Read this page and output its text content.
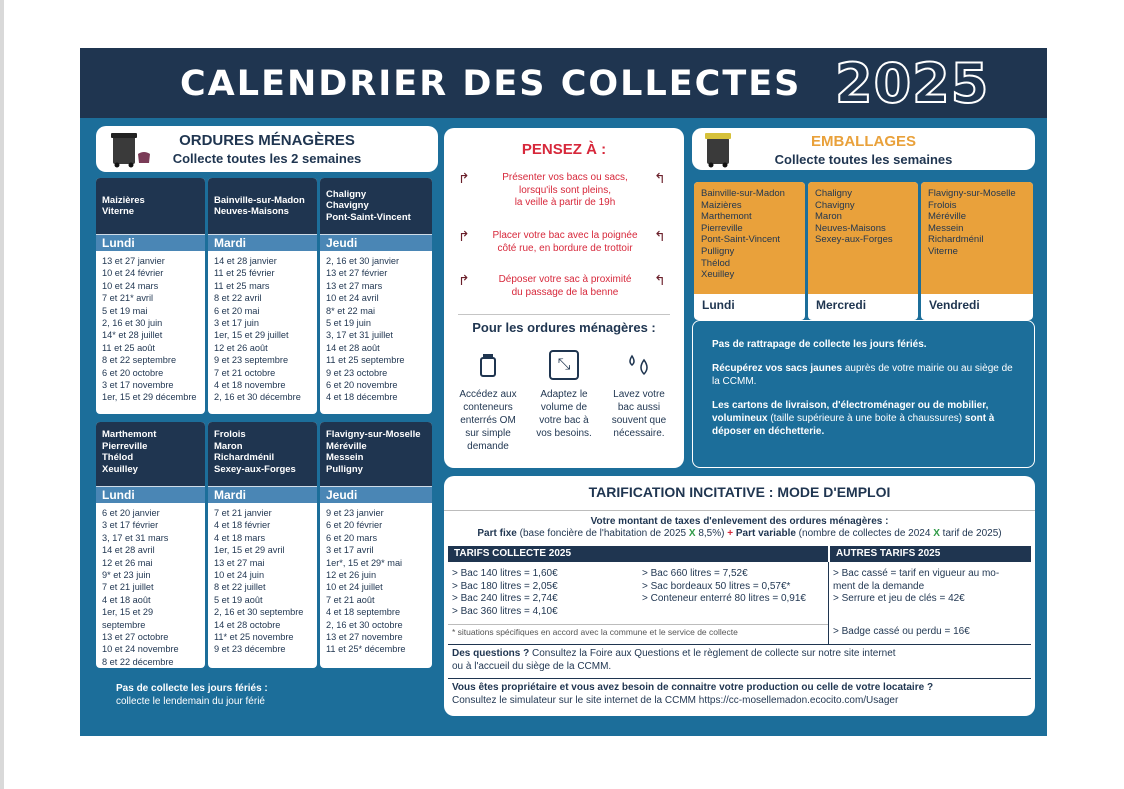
CALENDRIER DES COLLECTES 2025
ORDURES MÉNAGÈRES
Collecte toutes les 2 semaines
Maizières
Viterne
Lundi
13 et 27 janvier
10 et 24 février
10 et 24 mars
7 et 21* avril
5 et 19 mai
2, 16 et 30 juin
14* et 28 juillet
11 et 25 août
8 et 22 septembre
6 et 20 octobre
3 et 17 novembre
1er, 15 et 29 décembre
Bainville-sur-Madon
Neuves-Maisons
Mardi
14 et 28 janvier
11 et 25 février
11 et 25 mars
8 et 22 avril
6 et 20 mai
3 et 17 juin
1er, 15 et 29 juillet
12 et 26 août
9 et 23 septembre
7 et 21 octobre
4 et 18 novembre
2, 16 et 30 décembre
Chaligny
Chavigny
Pont-Saint-Vincent
Jeudi
2, 16 et 30 janvier
13 et 27 février
13 et 27 mars
10 et 24 avril
8* et 22 mai
5 et 19 juin
3, 17 et 31 juillet
14 et 28 août
11 et 25 septembre
9 et 23 octobre
6 et 20 novembre
4 et 18 décembre
Marthemont
Pierreville
Thélod
Xeuilley
Lundi
6 et 20 janvier
3 et 17 février
3, 17 et 31 mars
14 et 28 avril
12 et 26 mai
9* et 23 juin
7 et 21 juillet
4 et 18 août
1er, 15 et 29 septembre
13 et 27 octobre
10 et 24 novembre
8 et 22 décembre
Frolois
Maron
Richardménil
Sexey-aux-Forges
Mardi
7 et 21 janvier
4 et 18 février
4 et 18 mars
1er, 15 et 29 avril
13 et 27 mai
10 et 24 juin
8 et 22 juillet
5 et 19 août
2, 16 et 30 septembre
14 et 28 octobre
11* et 25 novembre
9 et 23 décembre
Flavigny-sur-Moselle
Méréville
Messein
Pulligny
Jeudi
9 et 23 janvier
6 et 20 février
6 et 20 mars
3 et 17 avril
1er*, 15 et 29* mai
12 et 26 juin
10 et 24 juillet
7 et 21 août
4 et 18 septembre
2, 16 et 30 octobre
13 et 27 novembre
11 et 25* décembre
Pas de collecte les jours fériés :
collecte le lendemain du jour férié
PENSEZ À :
↱	↰
Présenter vos bacs ou sacs,
lorsqu'ils sont pleins,
la veille à partir de 19h
↱	↰
Placer votre bac avec la poignée
côté rue, en bordure de trottoir
↱	↰
Déposer votre sac à proximité
du passage de la benne
Pour les ordures ménagères :
⤡
Accédez aux
conteneurs
enterrés OM
sur simple
demande
Adaptez le
volume de
votre bac à
vos besoins.
Lavez votre
bac aussi
souvent que
nécessaire.
EMBALLAGES
Collecte toutes les semaines
Bainville-sur-Madon
Maizières
Marthemont
Pierreville
Pont-Saint-Vincent
Pulligny
Thélod
Xeuilley
Lundi
Chaligny
Chavigny
Maron
Neuves-Maisons
Sexey-aux-Forges
Mercredi
Flavigny-sur-Moselle
Frolois
Méréville
Messein
Richardménil
Viterne
Vendredi

Pas de rattrapage de collecte les jours fériés.

Récupérez vos sacs jaunes auprès de votre mairie ou au siège de la CCMM.

Les cartons de livraison, d'électroménager ou de mobilier, volumineux (taille supérieure à une boite à chaussures) sont à déposer en déchetterie.

TARIFICATION INCITATIVE : MODE D'EMPLOI
Votre montant de taxes d'enlevement des ordures ménagères :
Part fixe (base foncière de l'habitation de 2025 X 8,5%) + Part variable (nombre de collectes de 2024 X tarif de 2025)
TARIFS COLLECTE 2025	AUTRES TARIFS 2025
> Bac 140 litres = 1,60€
> Bac 180 litres = 2,05€
> Bac 240 litres = 2,74€
> Bac 360 litres = 4,10€
> Bac 660 litres = 7,52€
> Sac bordeaux 50 litres = 0,57€*
> Conteneur enterré 80 litres = 0,91€
* situations spécifiques en accord avec la commune et le service de collecte
> Bac cassé = tarif en vigueur au mo-
ment de la demande
> Serrure et jeu de clés = 42€
> Badge cassé ou perdu = 16€
Des questions ? Consultez la Foire aux Questions et le règlement de collecte sur notre site internet
ou à l'accueil du siège de la CCMM.
Vous êtes propriétaire et vous avez besoin de connaitre votre production ou celle de votre locataire ?
Consultez le simulateur sur le site internet de la CCMM https://cc-mosellemadon.ecocito.com/Usager
